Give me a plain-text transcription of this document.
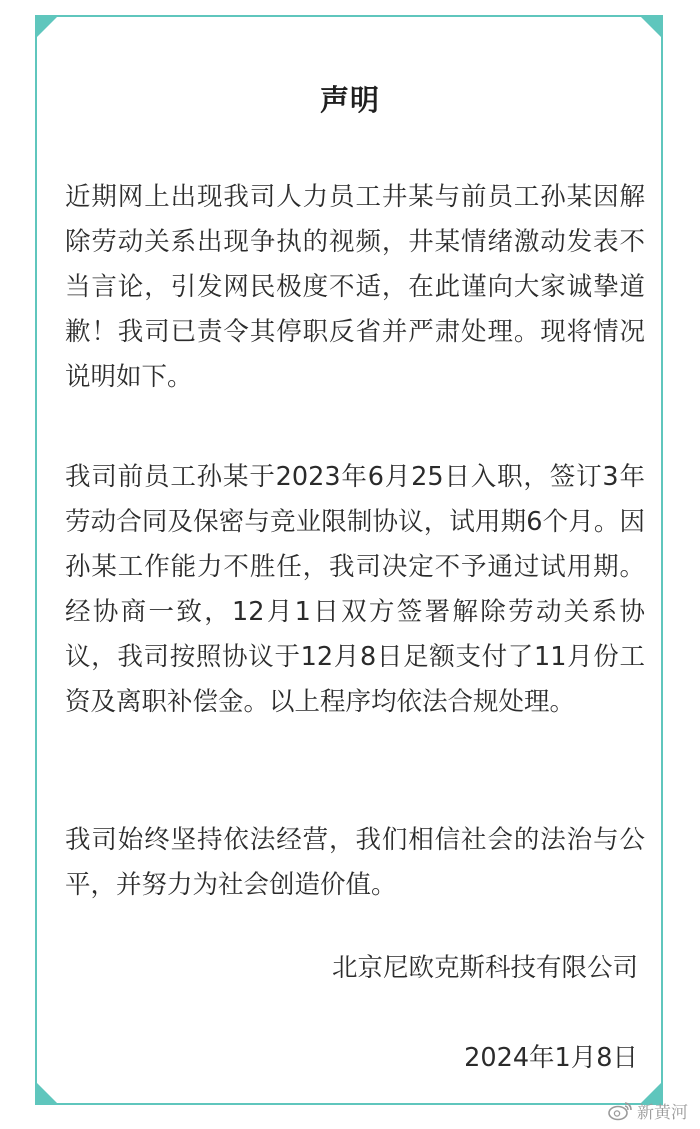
声明
近期网上出现我司人力员工井某与前员工孙某因解除劳动关系出现争执的视频，井某情绪激动发表不当言论，引发网民极度不适，在此谨向大家诚挚道歉！我司已责令其停职反省并严肃处理。现将情况说明如下。
我司前员工孙某于2023年6月25日入职，签订3年劳动合同及保密与竞业限制协议，试用期6个月。因孙某工作能力不胜任，我司决定不予通过试用期。经协商一致，12月1日双方签署解除劳动关系协议，我司按照协议于12月8日足额支付了11月份工资及离职补偿金。以上程序均依法合规处理。
我司始终坚持依法经营，我们相信社会的法治与公平，并努力为社会创造价值。
北京尼欧克斯科技有限公司
2024年1月8日
新黄河
